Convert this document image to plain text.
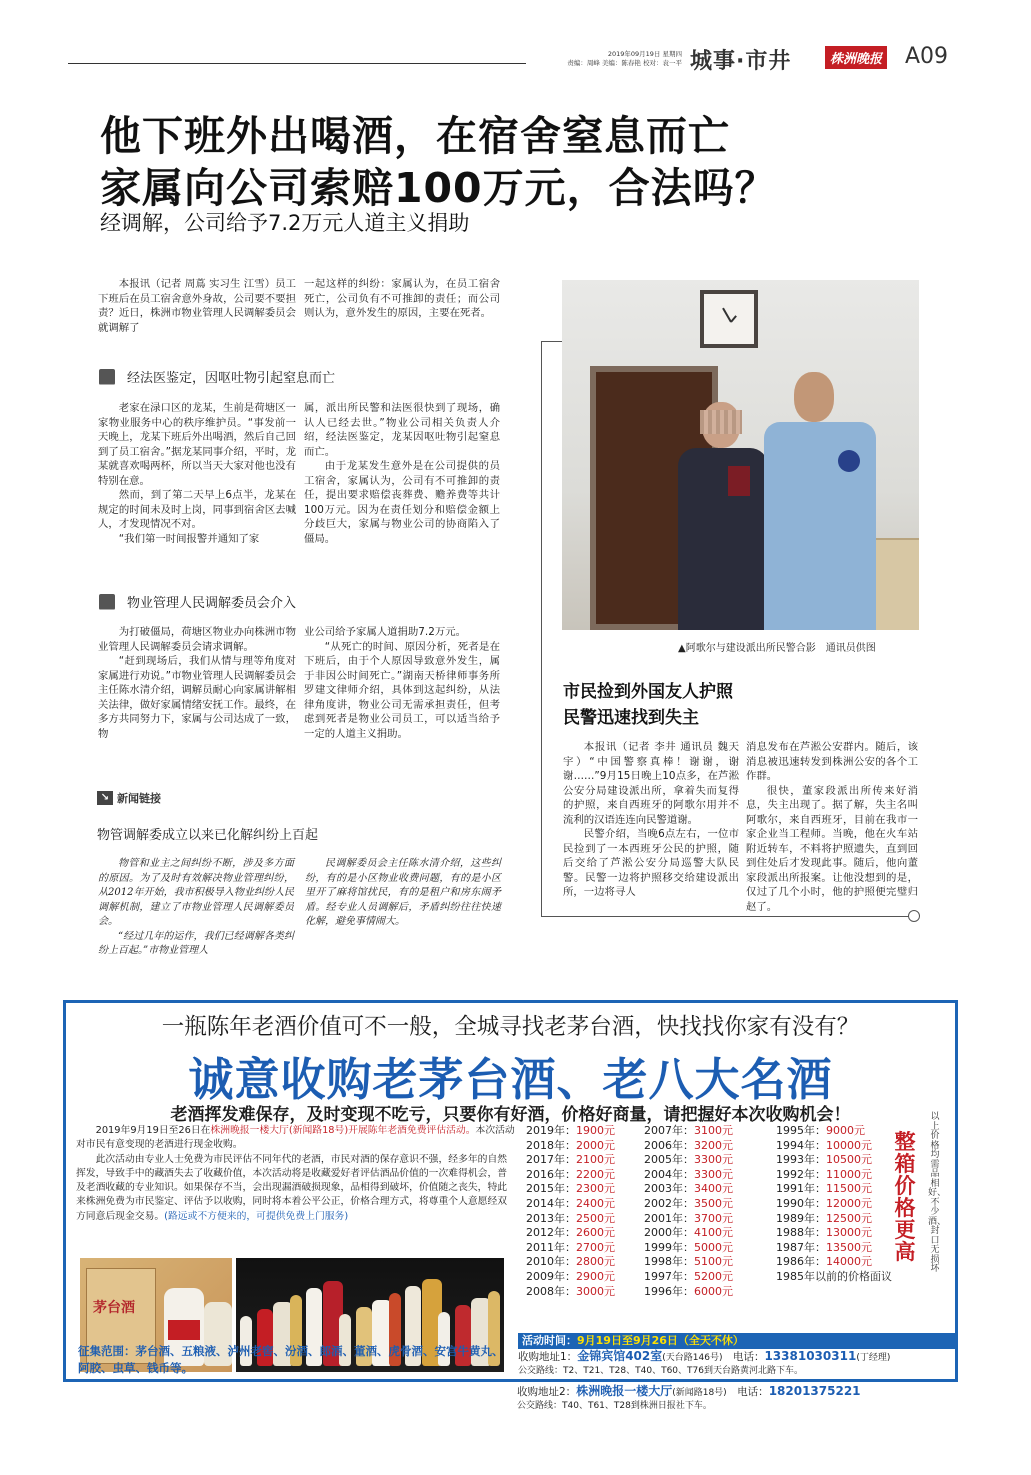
2019年09月19日 星期四
责编：周峰 美编：陈春艳 校对：袁一平 城事·市井	株洲晚报 A09
他下班外出喝酒，在宿舍窒息而亡
家属向公司索赔100万元，合法吗？
经调解，公司给予7.2万元人道主义捐助

本报讯（记者 周蔦 实习生 江雪）员工下班后在员工宿舍意外身故，公司要不要担责？近日，株洲市物业管理人民调解委员会就调解了

一起这样的纠纷：家属认为，在员工宿舍死亡，公司负有不可推卸的责任；而公司则认为，意外发生的原因，主要在死者。

经法医鉴定，因呕吐物引起窒息而亡

老家在渌口区的龙某，生前是荷塘区一家物业服务中心的秩序维护员。“事发前一天晚上，龙某下班后外出喝酒，然后自己回到了员工宿舍。”据龙某同事介绍，平时，龙某就喜欢喝两杯，所以当天大家对他也没有特别在意。

然而，到了第二天早上6点半，龙某在规定的时间未及时上岗，同事到宿舍区去喊人，才发现情况不对。

“我们第一时间报警并通知了家

属，派出所民警和法医很快到了现场，确认人已经去世。”物业公司相关负责人介绍，经法医鉴定，龙某因呕吐物引起窒息而亡。

由于龙某发生意外是在公司提供的员工宿舍，家属认为，公司有不可推卸的责任，提出要求赔偿丧葬费、赡养费等共计100万元。因为在责任划分和赔偿金额上分歧巨大，家属与物业公司的协商陷入了僵局。

物业管理人民调解委员会介入

为打破僵局，荷塘区物业办向株洲市物业管理人民调解委员会请求调解。

“赶到现场后，我们从情与理等角度对家属进行劝说。”市物业管理人民调解委员会主任陈水清介绍，调解员耐心向家属讲解相关法律，做好家属情绪安抚工作。最终，在多方共同努力下，家属与公司达成了一致，物

业公司给予家属人道捐助7.2万元。

“从死亡的时间、原因分析，死者是在下班后，由于个人原因导致意外发生，属于非因公时间死亡。”湖南天桥律师事务所罗建文律师介绍，具体到这起纠纷，从法律角度讲，物业公司无需承担责任，但考虑到死者是物业公司员工，可以适当给予一定的人道主义捐助。

↘ 新闻链接
物管调解委成立以来已化解纠纷上百起

物管和业主之间纠纷不断，涉及多方面的原因。为了及时有效解决物业管理纠纷，从2012年开始，我市积极导入物业纠纷人民调解机制，建立了市物业管理人民调解委员会。

“经过几年的运作，我们已经调解各类纠纷上百起。”市物业管理人

民调解委员会主任陈水清介绍，这些纠纷，有的是小区物业收费问题，有的是小区里开了麻将馆扰民，有的是租户和房东闹矛盾。经专业人员调解后，矛盾纠纷往往快速化解，避免事情闹大。

▲阿歌尔与建设派出所民警合影　通讯员供图
市民捡到外国友人护照
民警迅速找到失主

本报讯（记者 李井 通讯员 魏天宇）“中国警察真棒！谢谢，谢谢……”9月15日晚上10点多，在芦淞公安分局建设派出所，拿着失而复得的护照，来自西班牙的阿歌尔用并不流利的汉语连连向民警道谢。

民警介绍，当晚6点左右，一位市民捡到了一本西班牙公民的护照，随后交给了芦淞公安分局巡警大队民警。民警一边将护照移交给建设派出所，一边将寻人

消息发布在芦淞公安群内。随后，该消息被迅速转发到株洲公安的各个工作群。

很快，董家段派出所传来好消息，失主出现了。据了解，失主名叫阿歌尔，来自西班牙，目前在我市一家企业当工程师。当晚，他在火车站附近转车，不料将护照遗失，直到回到住处后才发现此事。随后，他向董家段派出所报案。让他没想到的是，仅过了几个小时，他的护照便完璧归赵了。

一瓶陈年老酒价值可不一般，全城寻找老茅台酒，快找找你家有没有？
诚意收购老茅台酒、老八大名酒
老酒挥发难保存，及时变现不吃亏，只要你有好酒，价格好商量，请把握好本次收购机会！

2019年9月19日至26日在株洲晚报一楼大厅(新闻路18号)开展陈年老酒免费评估活动。本次活动对市民有意变现的老酒进行现金收购。

此次活动由专业人士免费为市民评估不同年代的老酒，市民对酒的保存意识不强，经多年的自然挥发，导致手中的藏酒失去了收藏价值，本次活动将是收藏爱好者评估酒品价值的一次难得机会，普及老酒收藏的专业知识。如果保存不当，会出现漏酒破损现象，品相得到破坏，价值随之丧失，特此来株洲免费为市民鉴定、评估予以收购，同时将本着公平公正，价格合理方式，将尊重个人意愿经双方同意后现金交易。(路远或不方便来的，可提供免费上门服务)

2019年：1900元
2018年：2000元
2017年：2100元
2016年：2200元
2015年：2300元
2014年：2400元
2013年：2500元
2012年：2600元
2011年：2700元
2010年：2800元
2009年：2900元
2008年：3000元
2007年：3100元
2006年：3200元
2005年：3300元
2004年：3300元
2003年：3400元
2002年：3500元
2001年：3700元
2000年：4100元
1999年：5000元
1998年：5100元
1997年：5200元
1996年：6000元
1995年：9000元
1994年：10000元
1993年：10500元
1992年：11000元
1991年：11500元
1990年：12000元
1989年：12500元
1988年：13000元
1987年：13500元
1986年：14000元
1985年以前的价格面议
整箱价格更高
以上价格均需品相好、不少酒、封口无损坏
茅台酒
活动时间：9月19日至9月26日（全天不休）
收购地址1：金锦宾馆402室(天台路146号)　 电话：13381030311(丁经理)
公交路线：T2、T21、T28、T40、T60、T76到天台路黄河北路下车。
收购地址2：株洲晚报一楼大厅(新闻路18号)　 电话：18201375221
公交路线：T40、T61、T28到株洲日报社下车。
征集范围：茅台酒、五粮液、泸州老窖、汾酒、郎酒、董酒、虎骨酒、安宫牛黄丸、阿胶、虫草、钱币等。
